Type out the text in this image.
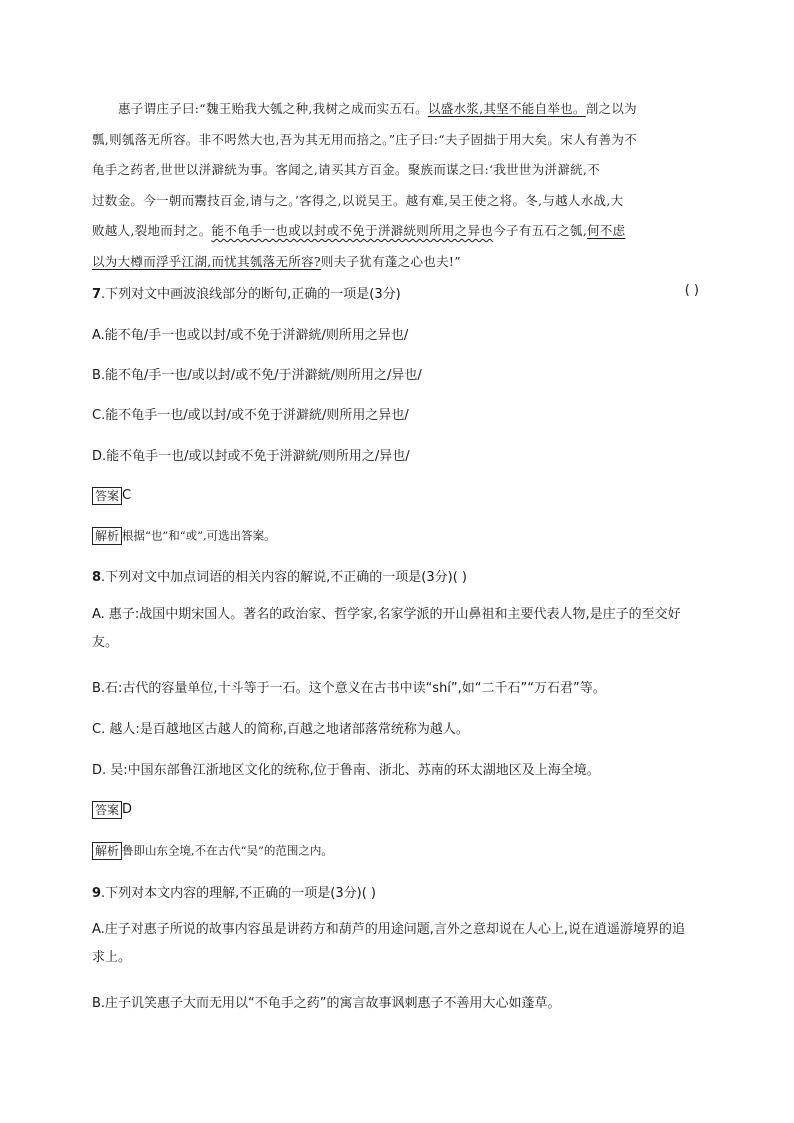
惠子谓庄子曰:“魏王贻我大瓠之种,我树之成而实五石。以盛水浆,其坚不能自举也。剖之以为
瓢,则瓠落无所容。非不呺然大也,吾为其无用而掊之。”庄子曰:“夫子固拙于用大矣。宋人有善为不
龟手之药者,世世以洴澼絖为事。客闻之,请买其方百金。聚族而谋之曰:‘我世世为洴澼絖,不
过数金。今一朝而鬻技百金,请与之。’客得之,以说吴王。越有难,吴王使之将。冬,与越人水战,大
败越人,裂地而封之。能不龟手一也或以封或不免于洴澼絖则所用之异也今子有五石之瓠,何不虑
以为大樽而浮乎江湖,而忧其瓠落无所容?则夫子犹有蓬之心也夫!”
7.下列对文中画波浪线部分的断句,正确的一项是(3分)	( )
A.能不龟/手一也或以封/或不免于洴澼絖/则所用之异也/
B.能不龟/手一也/或以封/或不免/于洴澼絖/则所用之/异也/
C.能不龟手一也/或以封/或不免于洴澼絖/则所用之异也/
D.能不龟手一也/或以封或不免于洴澼絖/则所用之/异也/
答案 C
解析 根据“也”和“或”,可选出答案。
8.下列对文中加点词语的相关内容的解说,不正确的一项是(3分)( )
A. 惠子:战国中期宋国人。著名的政治家、哲学家,名家学派的开山鼻祖和主要代表人物,是庄子的至交好友。
B.石:古代的容量单位,十斗等于一石。这个意义在古书中读“shí”,如“二千石”“万石君”等。
C. 越人:是百越地区古越人的简称,百越之地诸部落常统称为越人。
D. 吴:中国东部鲁江浙地区文化的统称,位于鲁南、浙北、苏南的环太湖地区及上海全境。
答案 D
解析 鲁即山东全境,不在古代“吴”的范围之内。
9.下列对本文内容的理解,不正确的一项是(3分)( )
A.庄子对惠子所说的故事内容虽是讲药方和葫芦的用途问题,言外之意却说在人心上,说在逍遥游境界的追求上。
B.庄子讥笑惠子大而无用以“不龟手之药”的寓言故事讽刺惠子不善用大心如蓬草。
